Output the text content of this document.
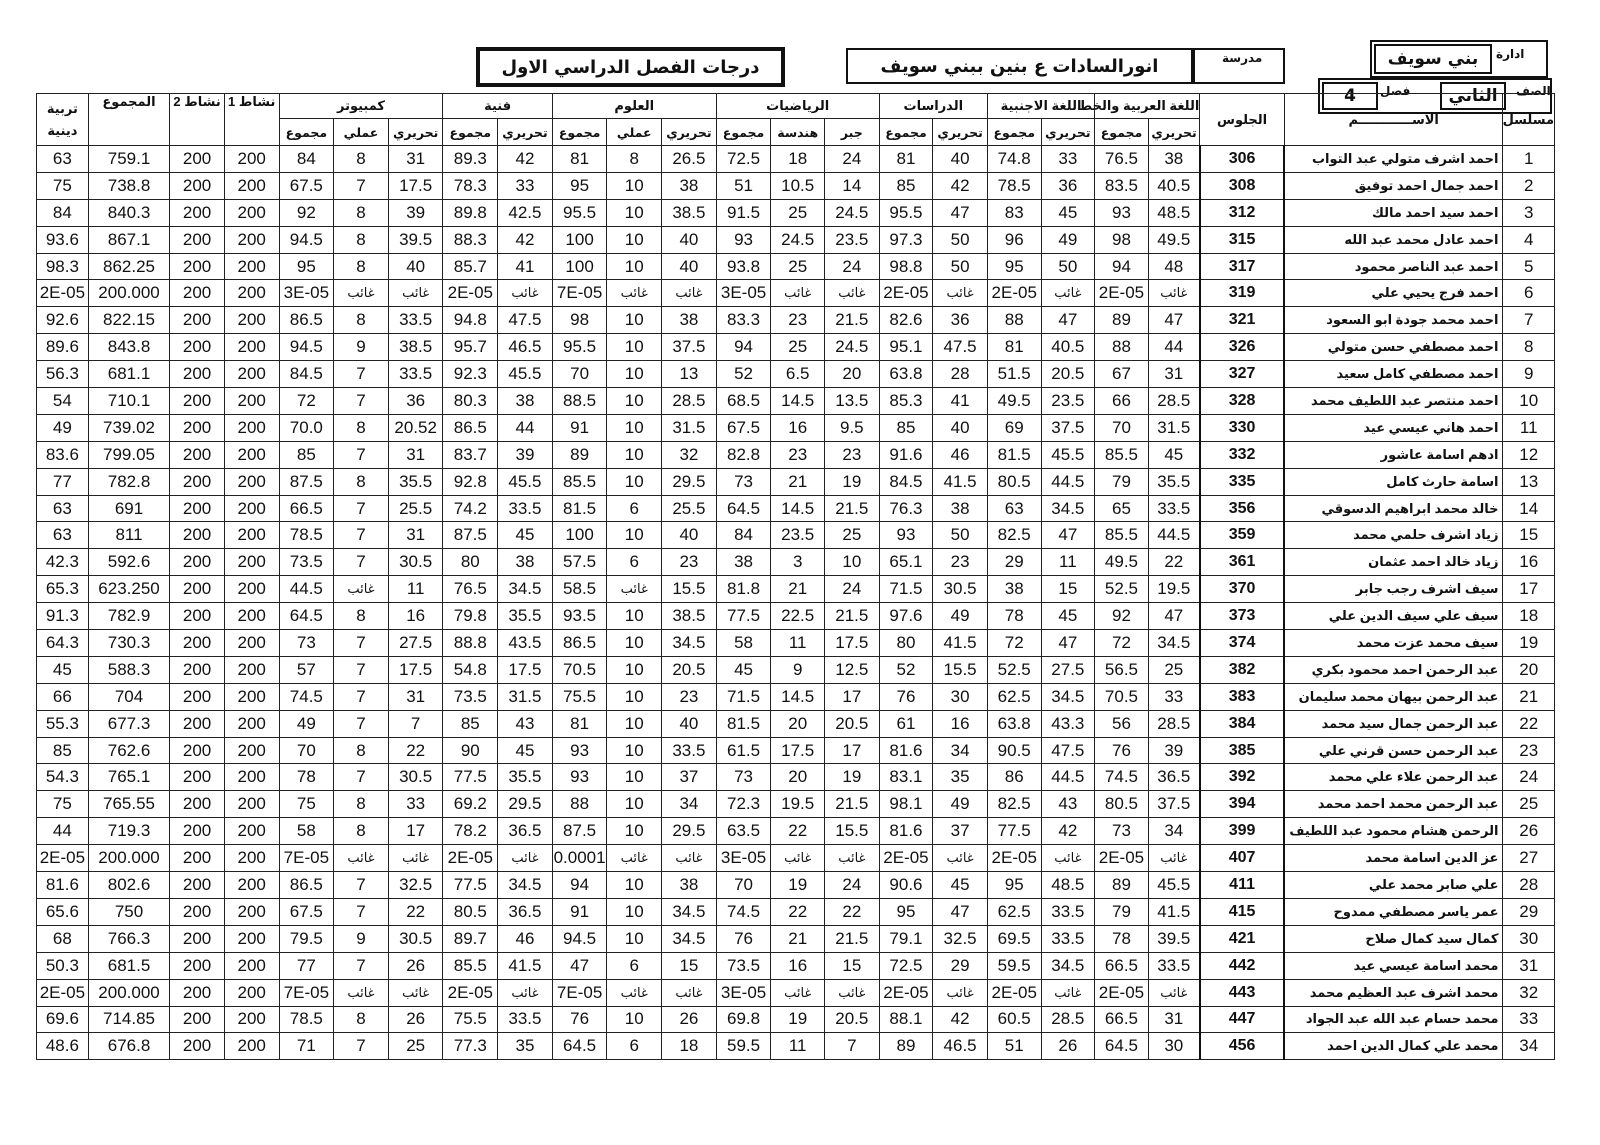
ادارة
بني سويف
مدرسة
انورالسادات ع بنين ببني سويف
درجات الفصل الدراسي الاول
الصف
الثاني
فصل
4
مسلسل	الاســــــــــــم	الجلوس	اللغة العربية والخط		اللغة الاجنبية		الدراسات		الرياضيات			العلوم			فنية		كمبيوتر			نشاط 1	نشاط 2	المجموع	تربية دينية
			تحريري	مجموع	تحريري	مجموع	تحريري	مجموع	جبر	هندسة	مجموع	تحريري	عملي	مجموع	تحريري	مجموع	تحريري	عملي	مجموع				
1	احمد اشرف متولي عبد التواب	306	38	76.5	33	74.8	40	81	24	18	72.5	26.5	8	81	42	89.3	31	8	84	200	200	759.1	63
2	احمد جمال احمد توفيق	308	40.5	83.5	36	78.5	42	85	14	10.5	51	38	10	95	33	78.3	17.5	7	67.5	200	200	738.8	75
3	احمد سيد احمد مالك	312	48.5	93	45	83	47	95.5	24.5	25	91.5	38.5	10	95.5	42.5	89.8	39	8	92	200	200	840.3	84
4	احمد عادل محمد عبد الله	315	49.5	98	49	96	50	97.3	23.5	24.5	93	40	10	100	42	88.3	39.5	8	94.5	200	200	867.1	93.6
5	احمد عبد الناصر محمود	317	48	94	50	95	50	98.8	24	25	93.8	40	10	100	41	85.7	40	8	95	200	200	862.25	98.3
6	احمد فرج يحيي علي	319	غائب	2E-05	غائب	2E-05	غائب	2E-05	غائب	غائب	3E-05	غائب	غائب	7E-05	غائب	2E-05	غائب	غائب	3E-05	200	200	200.000	2E-05
7	احمد محمد جودة ابو السعود	321	47	89	47	88	36	82.6	21.5	23	83.3	38	10	98	47.5	94.8	33.5	8	86.5	200	200	822.15	92.6
8	احمد مصطفي حسن متولي	326	44	88	40.5	81	47.5	95.1	24.5	25	94	37.5	10	95.5	46.5	95.7	38.5	9	94.5	200	200	843.8	89.6
9	احمد مصطفي كامل سعيد	327	31	67	20.5	51.5	28	63.8	20	6.5	52	13	10	70	45.5	92.3	33.5	7	84.5	200	200	681.1	56.3
10	احمد منتصر عبد اللطيف محمد	328	28.5	66	23.5	49.5	41	85.3	13.5	14.5	68.5	28.5	10	88.5	38	80.3	36	7	72	200	200	710.1	54
11	احمد هاني عيسي عيد	330	31.5	70	37.5	69	40	85	9.5	16	67.5	31.5	10	91	44	86.5	20.52	8	70.0	200	200	739.02	49
12	ادهم اسامة عاشور	332	45	85.5	45.5	81.5	46	91.6	23	23	82.8	32	10	89	39	83.7	31	7	85	200	200	799.05	83.6
13	اسامة حارث كامل	335	35.5	79	44.5	80.5	41.5	84.5	19	21	73	29.5	10	85.5	45.5	92.8	35.5	8	87.5	200	200	782.8	77
14	خالد محمد ابراهيم الدسوقي	356	33.5	65	34.5	63	38	76.3	21.5	14.5	64.5	25.5	6	81.5	33.5	74.2	25.5	7	66.5	200	200	691	63
15	زياد اشرف حلمي محمد	359	44.5	85.5	47	82.5	50	93	25	23.5	84	40	10	100	45	87.5	31	7	78.5	200	200	811	63
16	زياد خالد احمد عثمان	361	22	49.5	11	29	23	65.1	10	3	38	23	6	57.5	38	80	30.5	7	73.5	200	200	592.6	42.3
17	سيف اشرف رجب جابر	370	19.5	52.5	15	38	30.5	71.5	24	21	81.8	15.5	غائب	58.5	34.5	76.5	11	غائب	44.5	200	200	623.250	65.3
18	سيف علي سيف الدين علي	373	47	92	45	78	49	97.6	21.5	22.5	77.5	38.5	10	93.5	35.5	79.8	16	8	64.5	200	200	782.9	91.3
19	سيف محمد عزت محمد	374	34.5	72	47	72	41.5	80	17.5	11	58	34.5	10	86.5	43.5	88.8	27.5	7	73	200	200	730.3	64.3
20	عبد الرحمن احمد محمود بكري	382	25	56.5	27.5	52.5	15.5	52	12.5	9	45	20.5	10	70.5	17.5	54.8	17.5	7	57	200	200	588.3	45
21	عبد الرحمن بيهان محمد سليمان	383	33	70.5	34.5	62.5	30	76	17	14.5	71.5	23	10	75.5	31.5	73.5	31	7	74.5	200	200	704	66
22	عبد الرحمن جمال سيد محمد	384	28.5	56	43.3	63.8	16	61	20.5	20	81.5	40	10	81	43	85	7	7	49	200	200	677.3	55.3
23	عبد الرحمن حسن قرني علي	385	39	76	47.5	90.5	34	81.6	17	17.5	61.5	33.5	10	93	45	90	22	8	70	200	200	762.6	85
24	عبد الرحمن علاء علي محمد	392	36.5	74.5	44.5	86	35	83.1	19	20	73	37	10	93	35.5	77.5	30.5	7	78	200	200	765.1	54.3
25	عبد الرحمن محمد احمد محمد	394	37.5	80.5	43	82.5	49	98.1	21.5	19.5	72.3	34	10	88	29.5	69.2	33	8	75	200	200	765.55	75
26	الرحمن هشام محمود عبد اللطيف	399	34	73	42	77.5	37	81.6	15.5	22	63.5	29.5	10	87.5	36.5	78.2	17	8	58	200	200	719.3	44
27	عز الدين اسامة محمد	407	غائب	2E-05	غائب	2E-05	غائب	2E-05	غائب	غائب	3E-05	غائب	غائب	0.0001	غائب	2E-05	غائب	غائب	7E-05	200	200	200.000	2E-05
28	علي صابر محمد علي	411	45.5	89	48.5	95	45	90.6	24	19	70	38	10	94	34.5	77.5	32.5	7	86.5	200	200	802.6	81.6
29	عمر ياسر مصطفي ممدوح	415	41.5	79	33.5	62.5	47	95	22	22	74.5	34.5	10	91	36.5	80.5	22	7	67.5	200	200	750	65.6
30	كمال سيد كمال صلاح	421	39.5	78	33.5	69.5	32.5	79.1	21.5	21	76	34.5	10	94.5	46	89.7	30.5	9	79.5	200	200	766.3	68
31	محمد اسامة عيسي عيد	442	33.5	66.5	34.5	59.5	29	72.5	15	16	73.5	15	6	47	41.5	85.5	26	7	77	200	200	681.5	50.3
32	محمد اشرف عبد العظيم محمد	443	غائب	2E-05	غائب	2E-05	غائب	2E-05	غائب	غائب	3E-05	غائب	غائب	7E-05	غائب	2E-05	غائب	غائب	7E-05	200	200	200.000	2E-05
33	محمد حسام عبد الله عبد الجواد	447	31	66.5	28.5	60.5	42	88.1	20.5	19	69.8	26	10	76	33.5	75.5	26	8	78.5	200	200	714.85	69.6
34	محمد علي كمال الدين احمد	456	30	64.5	26	51	46.5	89	7	11	59.5	18	6	64.5	35	77.3	25	7	71	200	200	676.8	48.6
